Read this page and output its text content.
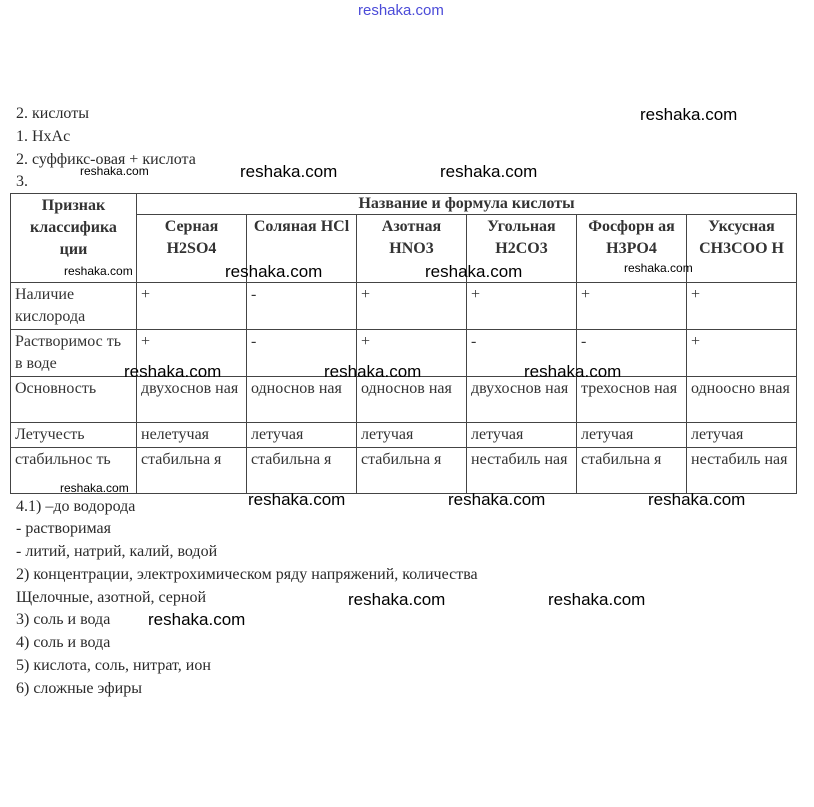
reshaka.com
2. кислоты
1. HxAc
2. суффикс-овая + кислота
3.
Признак классифика ции	Название и формула кислоты					
	Серная H2SO4	Соляная HCl	Азотная HNO3	Угольная H2CO3	Фосфорн ая H3PO4	Уксусная CH3COO H
Наличие кислорода	+	-	+	+	+	+
Растворимос ть в воде	+	-	+	-	-	+
Основность	двухоснов ная	односнов ная	односнов ная	двухоснов ная	трехоснов ная	одноосно вная
Летучесть	нелетучая	летучая	летучая	летучая	летучая	летучая
стабильнос ть	стабильна я	стабильна я	стабильна я	нестабиль ная	стабильна я	нестабиль ная
4.1) –до водорода
- растворимая
- литий, натрий, калий, водой
2) концентрации, электрохимическом ряду напряжений, количества
Щелочные, азотной, серной
3) соль и вода
4) соль и вода
5) кислота, соль, нитрат, ион
6) сложные эфиры
reshaka.com
reshaka.com	reshaka.com
reshaka.com	reshaka.com
reshaka.com	reshaka.com	reshaka.com
reshaka.com	reshaka.com	reshaka.com
reshaka.com	reshaka.com
reshaka.com
reshaka.com
reshaka.com	reshaka.com
reshaka.com
